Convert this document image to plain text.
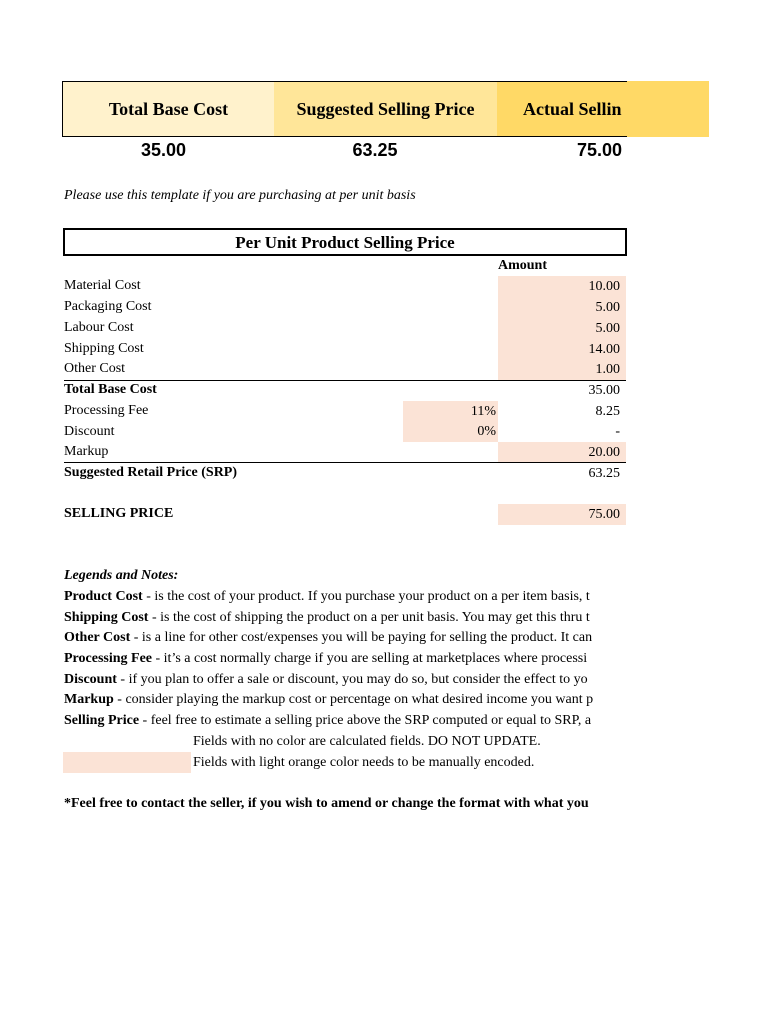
Total Base Cost	Suggested Selling Price	Actual Sellin
35.00	63.25	75.00
Please use this template if you are purchasing at per unit basis
Per Unit Product Selling Price
Amount
Material Cost	10.00
Packaging Cost	5.00
Labour Cost	5.00
Shipping Cost	14.00
Other Cost	1.00
Total Base Cost	35.00
Processing Fee	11%	8.25
Discount	0%	-
Markup	20.00
Suggested Retail Price (SRP)	63.25
SELLING PRICE	75.00
Legends and Notes:
Product Cost - is the cost of your product. If you purchase your product on a per item basis, t
Shipping Cost - is the cost of shipping the product on a per unit basis. You may get this thru t
Other Cost - is a line for other cost/expenses you will be paying for selling the product. It can
Processing Fee - it’s a cost normally charge if you are selling at marketplaces where processi
Discount - if you plan to offer a sale or discount, you may do so, but consider the effect to yo
Markup - consider playing the markup cost or percentage on what desired income you want p
Selling Price - feel free to estimate a selling price above the SRP computed or equal to SRP, a
Fields with no color are calculated fields. DO NOT UPDATE.
Fields with light orange color needs to be manually encoded.
*Feel free to contact the seller, if you wish to amend or change the format with what you
